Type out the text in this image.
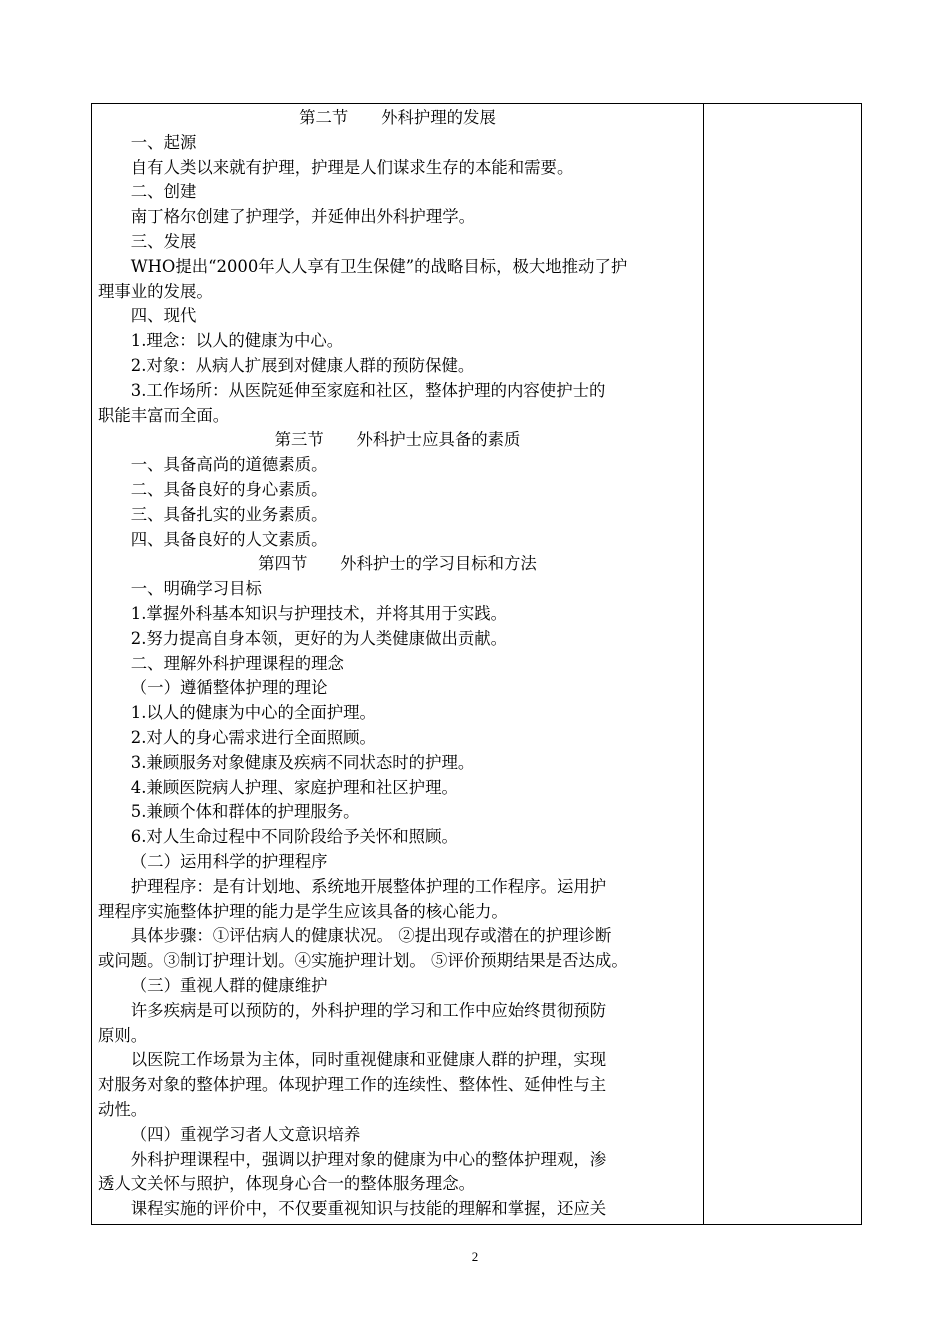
第二节　　外科护理的发展
一、起源
自有人类以来就有护理，护理是人们谋求生存的本能和需要。
二、创建
南丁格尔创建了护理学，并延伸出外科护理学。
三、发展
WHO提出“2000年人人享有卫生保健”的战略目标，极大地推动了护
理事业的发展。
四、现代
1.理念：以人的健康为中心。
2.对象：从病人扩展到对健康人群的预防保健。
3.工作场所：从医院延伸至家庭和社区，整体护理的内容使护士的
职能丰富而全面。
第三节　　外科护士应具备的素质
一、具备高尚的道德素质。
二、具备良好的身心素质。
三、具备扎实的业务素质。
四、具备良好的人文素质。
第四节　　外科护士的学习目标和方法
一、明确学习目标
1.掌握外科基本知识与护理技术，并将其用于实践。
2.努力提高自身本领，更好的为人类健康做出贡献。
二、理解外科护理课程的理念
（一）遵循整体护理的理论
1.以人的健康为中心的全面护理。
2.对人的身心需求进行全面照顾。
3.兼顾服务对象健康及疾病不同状态时的护理。
4.兼顾医院病人护理、家庭护理和社区护理。
5.兼顾个体和群体的护理服务。
6.对人生命过程中不同阶段给予关怀和照顾。
（二）运用科学的护理程序
护理程序：是有计划地、系统地开展整体护理的工作程序。运用护
理程序实施整体护理的能力是学生应该具备的核心能力。
具体步骤：①评估病人的健康状况。 ②提出现存或潜在的护理诊断
或问题。③制订护理计划。④实施护理计划。 ⑤评价预期结果是否达成。
（三）重视人群的健康维护
许多疾病是可以预防的，外科护理的学习和工作中应始终贯彻预防
原则。
以医院工作场景为主体，同时重视健康和亚健康人群的护理，实现
对服务对象的整体护理。体现护理工作的连续性、整体性、延伸性与主
动性。
（四）重视学习者人文意识培养
外科护理课程中，强调以护理对象的健康为中心的整体护理观，渗
透人文关怀与照护，体现身心合一的整体服务理念。
课程实施的评价中，不仅要重视知识与技能的理解和掌握，还应关
2
